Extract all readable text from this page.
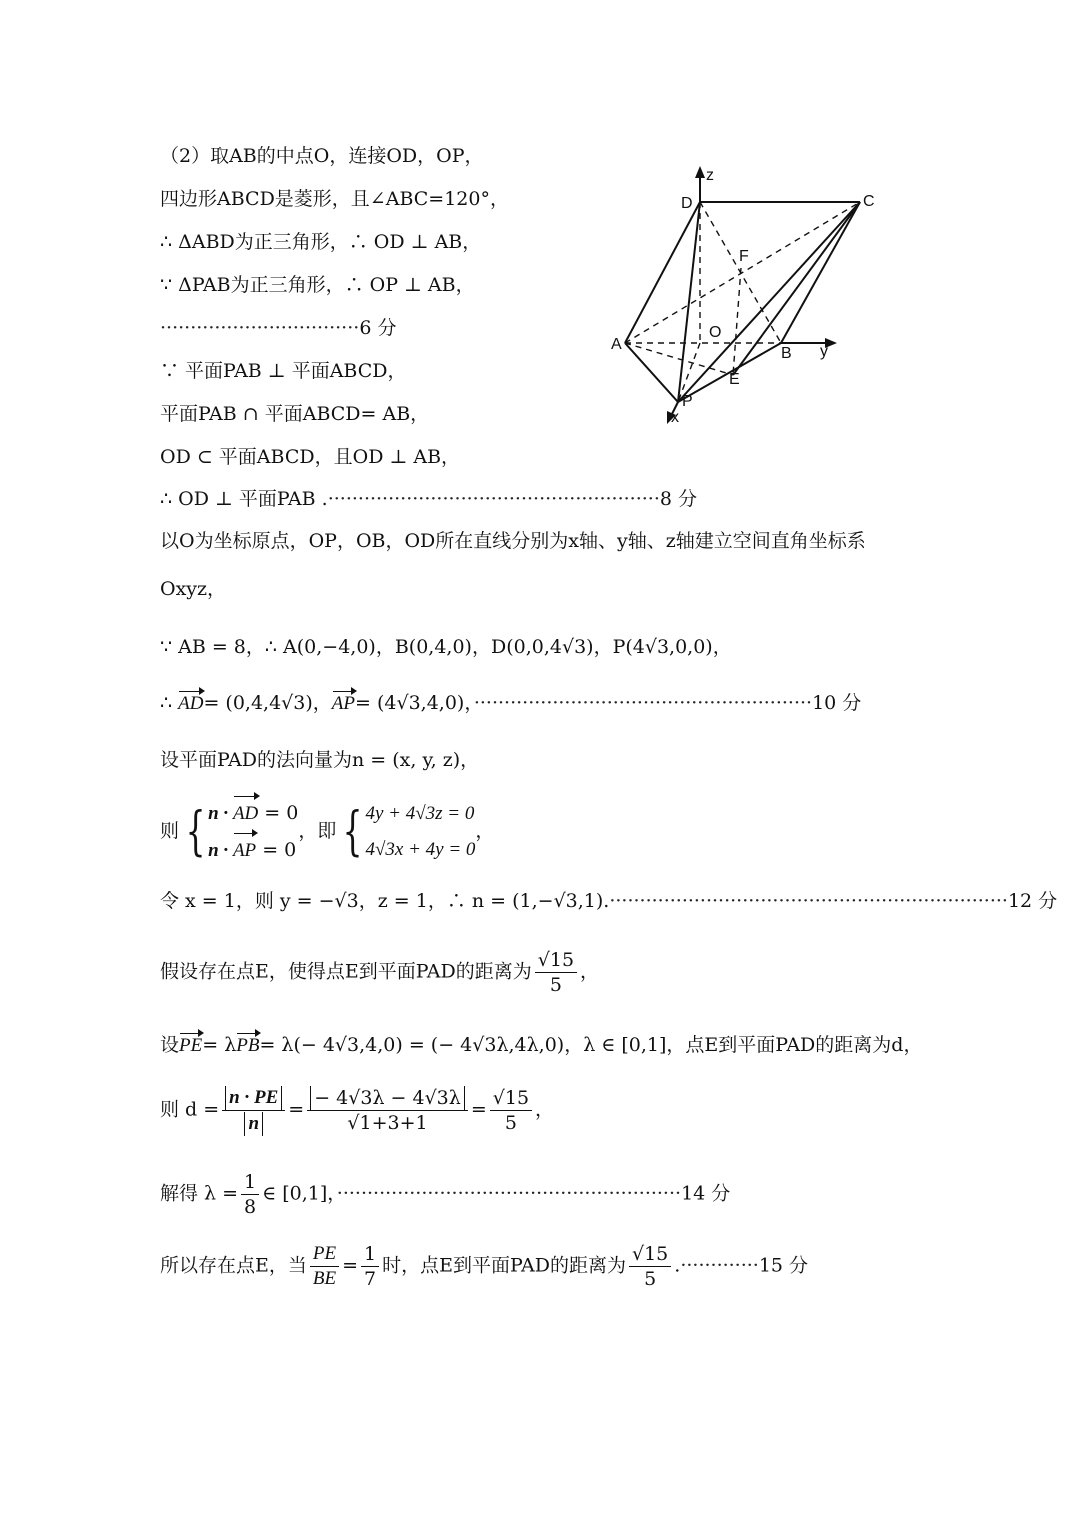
z
D	C
F
O
A
B y
E
P
x
（2）取AB的中点O，连接OD，OP，
四边形ABCD是菱形，且∠ABC=120°，
∴ ΔABD为正三角形，∴ OD ⊥ AB，
∵ ΔPAB为正三角形，∴ OP ⊥ AB，
·································6 分
∵ 平面PAB ⊥ 平面ABCD，
平面PAB ∩ 平面ABCD= AB，
OD ⊂ 平面ABCD，且OD ⊥ AB，
∴ OD ⊥ 平面PAB .·······················································8 分
以O为坐标原点，OP，OB，OD所在直线分别为x轴、y轴、z轴建立空间直角坐标系
Oxyz，
∵ AB = 8，∴ A(0,−4,0)，B(0,4,0)，D(0,0,4√3)，P(4√3,0,0)，
∴ AD= (0,4,4√3)，AP= (4√3,4,0)，························································10 分
设平面PAD的法向量为n = (x, y, z)，
则 { n · AD = 0
n · AP = 0，即 { 4y + 4√3z = 0
4√3x + 4y = 0，
令 x = 1，则 y = −√3，z = 1，∴ n = (1,−√3,1).··································································12 分
假设存在点E，使得点E到平面PAD的距离为 $\frac{√15}{5}$ ，
设PE= λPB= λ(− 4√3,4,0) = (− 4√3λ,4λ,0)，λ ∈ [0,1]，点E到平面PAD的距离为d，
则 $d = \frac{n \cdot PE}{n} = \frac{- 4√3\lambda - 4√3\lambda}{√1+3+1} = \frac{√15}{5}$ ，
解得 $\lambda = \frac{1}{8}$ ∈ [0,1]，·························································14 分
所以存在点E，当 $\frac{PE}{BE} = \frac{1}{7}$ 时，点E到平面PAD的距离为 $\frac{√15}{5} .\cdot\cdot\cdot\cdot\cdot\cdot\cdot\cdot\cdot\cdot\cdot\cdot\cdot 15$ 分
